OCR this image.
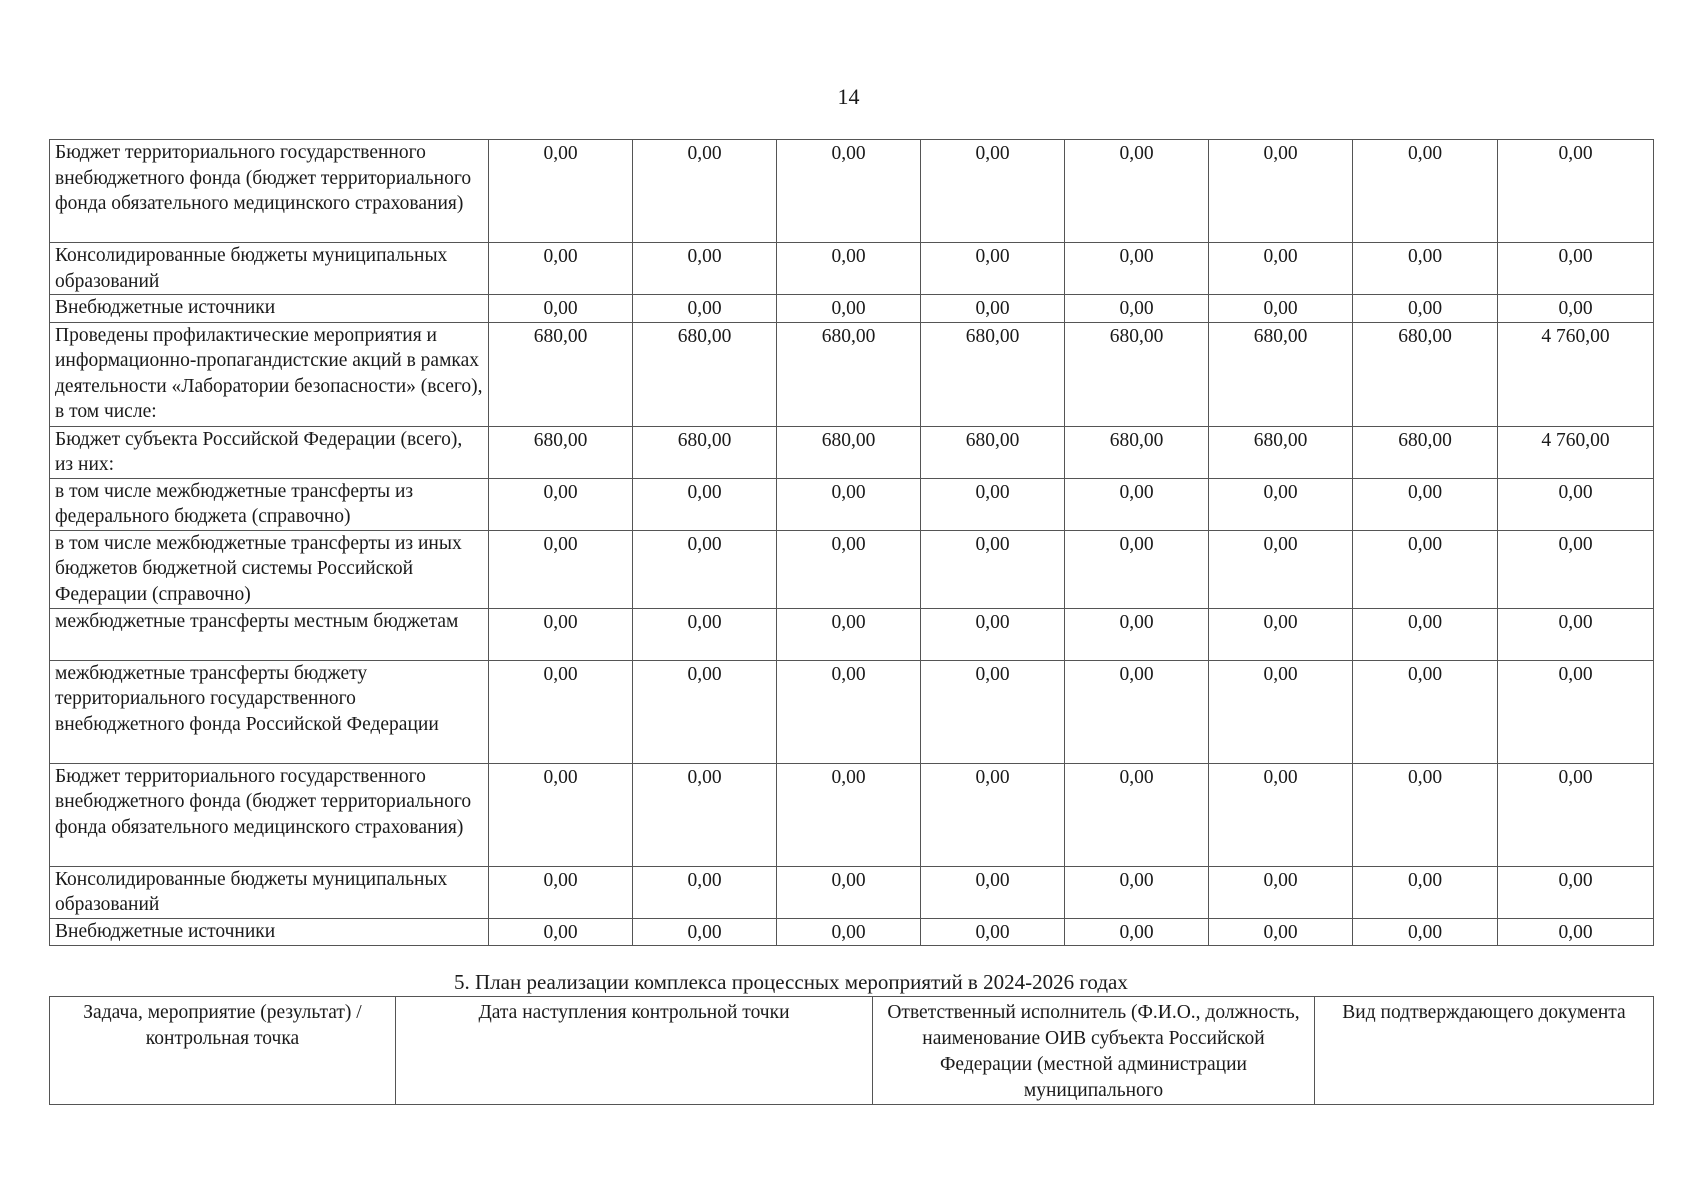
14
Бюджет территориального государственного внебюджетного фонда (бюджет территориального фонда обязательного медицинского страхования)	0,00	0,00	0,00	0,00	0,00	0,00	0,00	0,00
Консолидированные бюджеты муниципальных образований	0,00	0,00	0,00	0,00	0,00	0,00	0,00	0,00
Внебюджетные источники	0,00	0,00	0,00	0,00	0,00	0,00	0,00	0,00
Проведены профилактические мероприятия и информационно-пропагандистские акций в рамках деятельности «Лаборатории безопасности» (всего), в том числе:	680,00	680,00	680,00	680,00	680,00	680,00	680,00	4 760,00
Бюджет субъекта Российской Федерации (всего), из них:	680,00	680,00	680,00	680,00	680,00	680,00	680,00	4 760,00
в том числе межбюджетные трансферты из федерального бюджета (справочно)	0,00	0,00	0,00	0,00	0,00	0,00	0,00	0,00
в том числе межбюджетные трансферты из иных бюджетов бюджетной системы Российской Федерации (справочно)	0,00	0,00	0,00	0,00	0,00	0,00	0,00	0,00
межбюджетные трансферты местным бюджетам	0,00	0,00	0,00	0,00	0,00	0,00	0,00	0,00
межбюджетные трансферты бюджету территориального государственного внебюджетного фонда Российской Федерации	0,00	0,00	0,00	0,00	0,00	0,00	0,00	0,00
Бюджет территориального государственного внебюджетного фонда (бюджет территориального фонда обязательного медицинского страхования)	0,00	0,00	0,00	0,00	0,00	0,00	0,00	0,00
Консолидированные бюджеты муниципальных образований	0,00	0,00	0,00	0,00	0,00	0,00	0,00	0,00
Внебюджетные источники	0,00	0,00	0,00	0,00	0,00	0,00	0,00	0,00
5. План реализации комплекса процессных мероприятий в 2024-2026 годах
Задача, мероприятие (результат) / контрольная точка	Дата наступления контрольной точки	Ответственный исполнитель (Ф.И.О., должность, наименование ОИВ субъекта Российской Федерации (местной администрации муниципального	Вид подтверждающего документа
